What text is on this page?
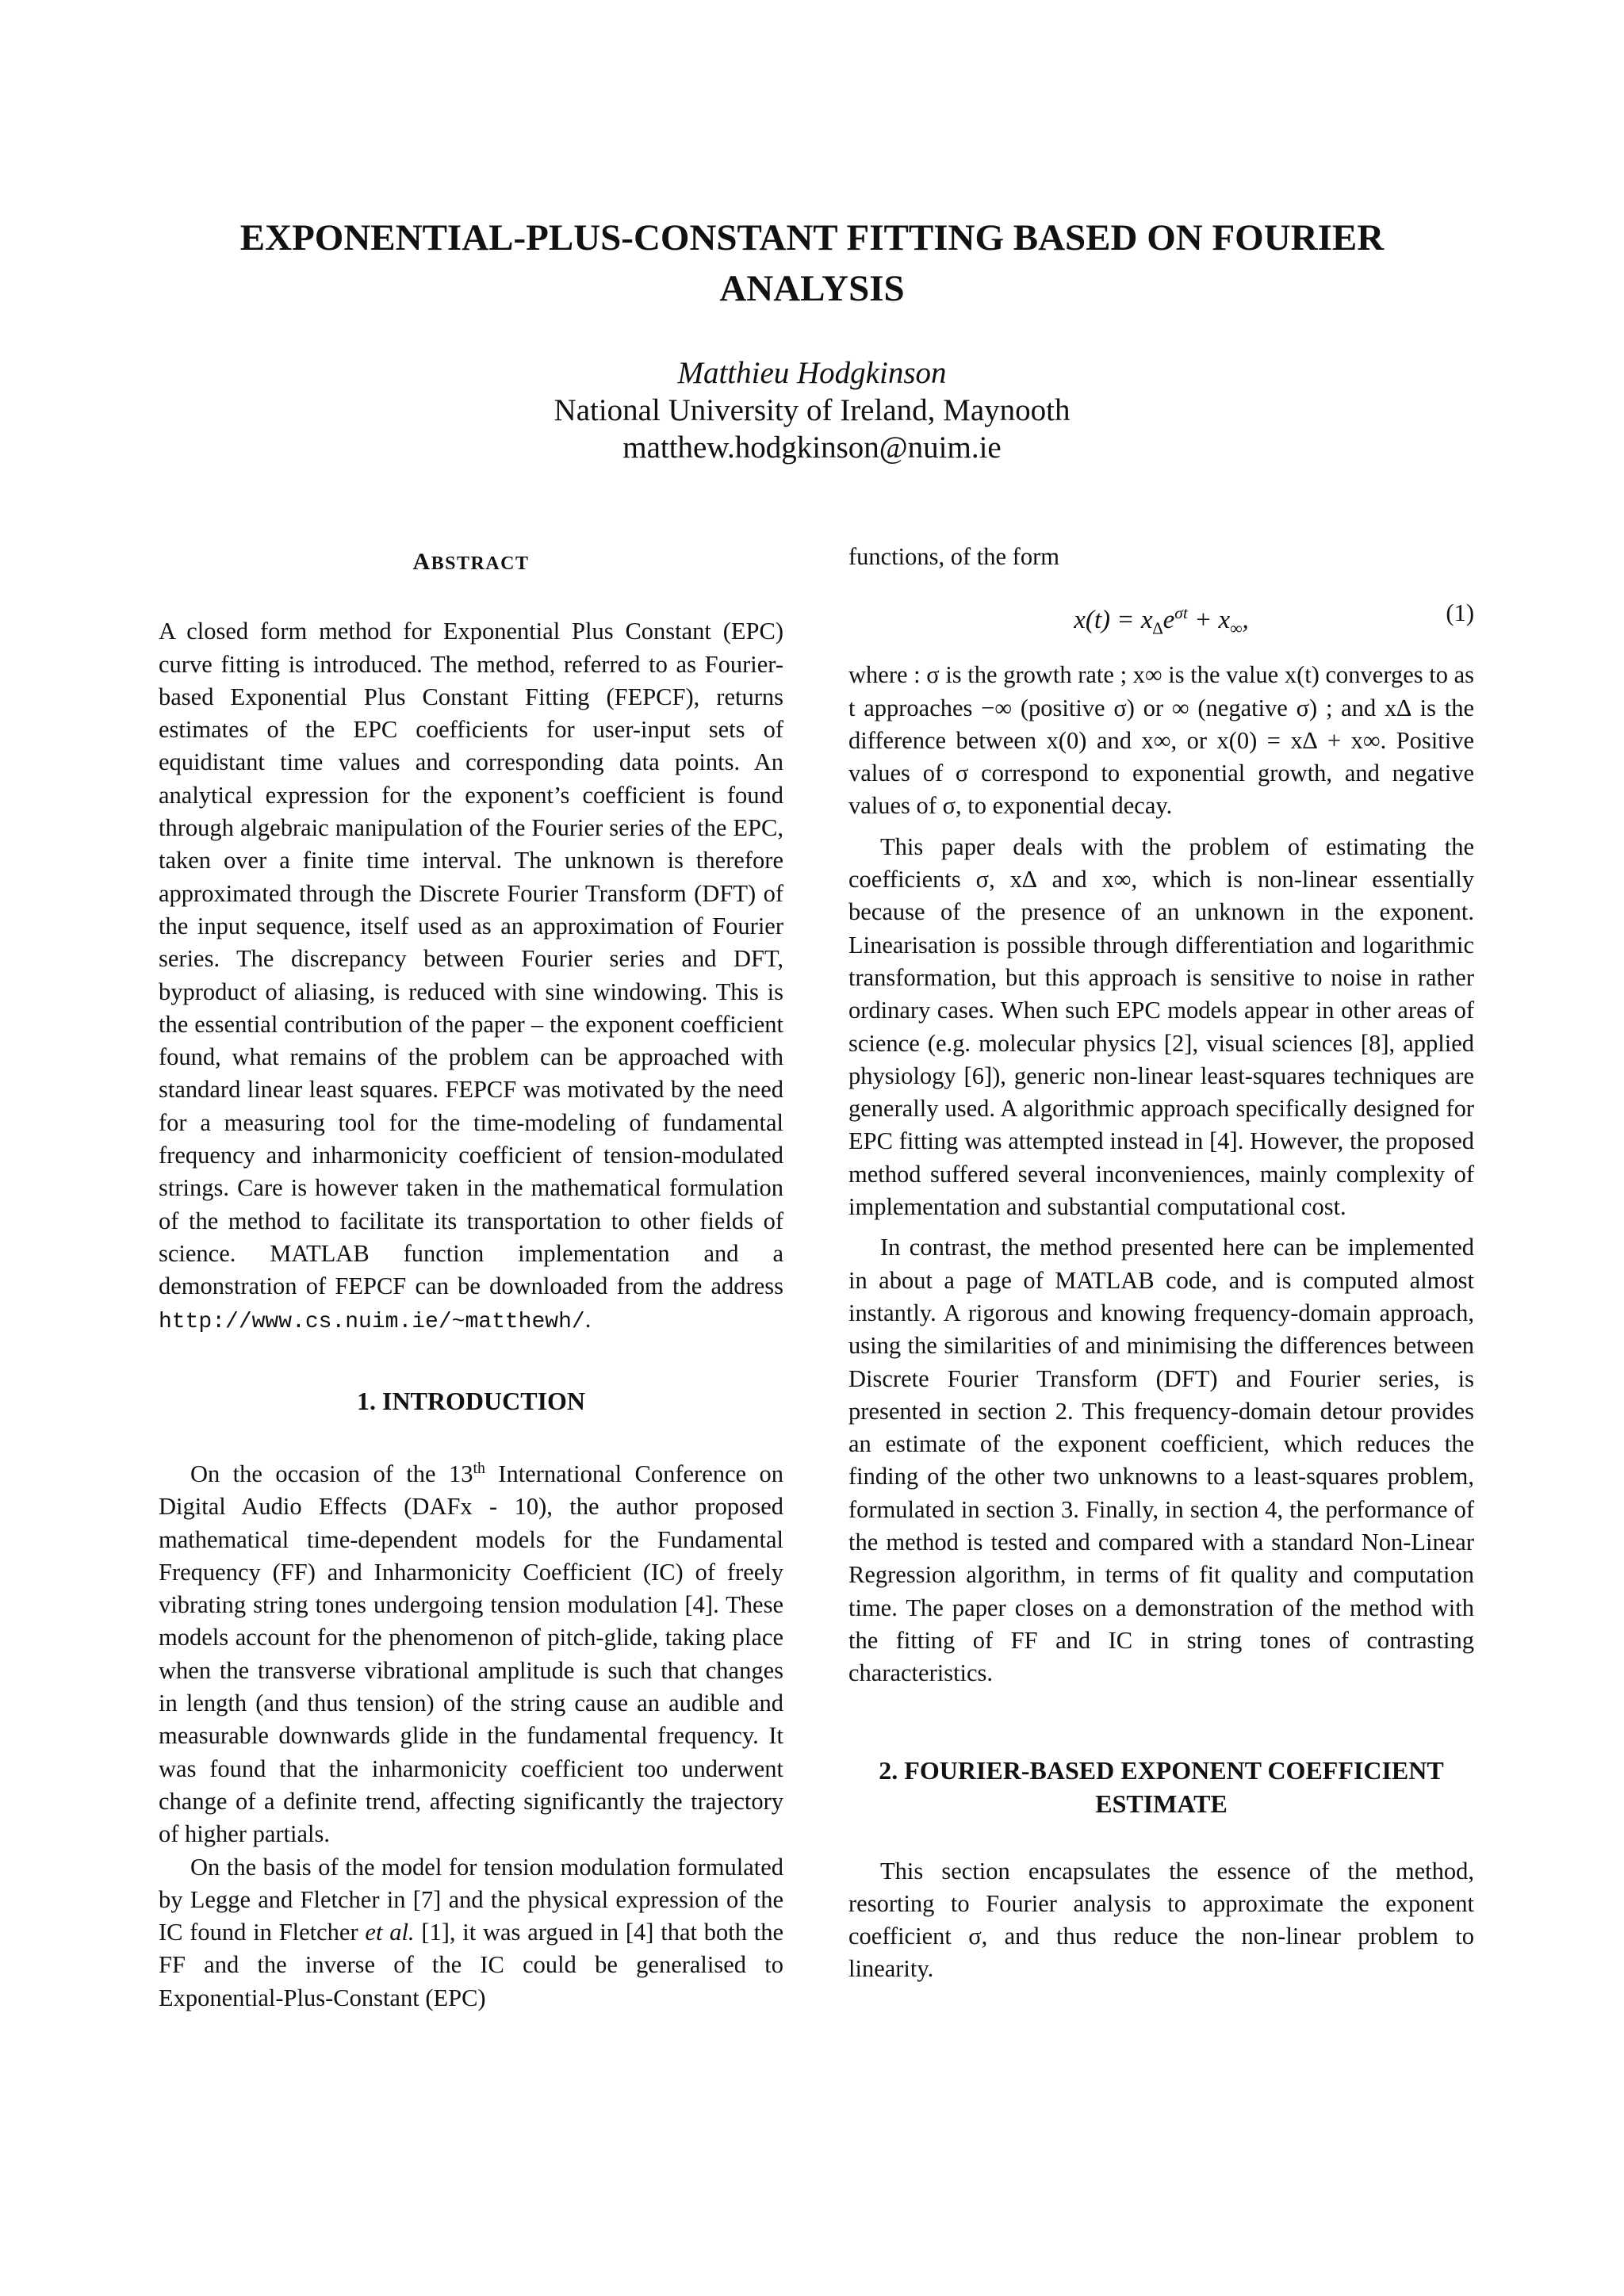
EXPONENTIAL-PLUS-CONSTANT FITTING BASED ON FOURIER ANALYSIS
Matthieu Hodgkinson
National University of Ireland, Maynooth
matthew.hodgkinson@nuim.ie
ABSTRACT

A closed form method for Exponential Plus Constant (EPC) curve fitting is introduced. The method, referred to as Fourier-based Exponential Plus Constant Fitting (FEPCF), returns estimates of the EPC coefficients for user-input sets of equidistant time values and corresponding data points. An analytical expression for the exponent’s coefficient is found through algebraic manipulation of the Fourier series of the EPC, taken over a finite time interval. The unknown is therefore approximated through the Discrete Fourier Transform (DFT) of the input sequence, itself used as an approximation of Fourier series. The discrepancy between Fourier series and DFT, byproduct of aliasing, is reduced with sine windowing. This is the essential contribution of the paper – the exponent coefficient found, what remains of the problem can be approached with standard linear least squares. FEPCF was motivated by the need for a measuring tool for the time-modeling of fundamental frequency and inharmonicity coefficient of tension-modulated strings. Care is however taken in the mathematical formulation of the method to facilitate its transportation to other fields of science. MATLAB function implementation and a demonstration of FEPCF can be downloaded from the address http://www.cs.nuim.ie/~matthewh/.

1. INTRODUCTION

On the occasion of the 13th International Conference on Digital Audio Effects (DAFx - 10), the author proposed mathematical time-dependent models for the Fundamental Frequency (FF) and Inharmonicity Coefficient (IC) of freely vibrating string tones undergoing tension modulation [4]. These models account for the phenomenon of pitch-glide, taking place when the transverse vibrational amplitude is such that changes in length (and thus tension) of the string cause an audible and measurable downwards glide in the fundamental frequency. It was found that the inharmonicity coefficient too underwent change of a definite trend, affecting significantly the trajectory of higher partials.

On the basis of the model for tension modulation formulated by Legge and Fletcher in [7] and the physical expression of the IC found in Fletcher et al. [1], it was argued in [4] that both the FF and the inverse of the IC could be generalised to Exponential-Plus-Constant (EPC)

functions, of the form

$x(t) = x_\Delta e^{\sigma t} + x_\infty$,	(1)

where : σ is the growth rate ; x∞ is the value x(t) converges to as t approaches −∞ (positive σ) or ∞ (negative σ) ; and x∆ is the difference between x(0) and x∞, or x(0) = x∆ + x∞. Positive values of σ correspond to exponential growth, and negative values of σ, to exponential decay.

This paper deals with the problem of estimating the coefficients σ, x∆ and x∞, which is non-linear essentially because of the presence of an unknown in the exponent. Linearisation is possible through differentiation and logarithmic transformation, but this approach is sensitive to noise in rather ordinary cases. When such EPC models appear in other areas of science (e.g. molecular physics [2], visual sciences [8], applied physiology [6]), generic non-linear least-squares techniques are generally used. A algorithmic approach specifically designed for EPC fitting was attempted instead in [4]. However, the proposed method suffered several inconveniences, mainly complexity of implementation and substantial computational cost.

In contrast, the method presented here can be implemented in about a page of MATLAB code, and is computed almost instantly. A rigorous and knowing frequency-domain approach, using the similarities of and minimising the differences between Discrete Fourier Transform (DFT) and Fourier series, is presented in section 2. This frequency-domain detour provides an estimate of the exponent coefficient, which reduces the finding of the other two unknowns to a least-squares problem, formulated in section 3. Finally, in section 4, the performance of the method is tested and compared with a standard Non-Linear Regression algorithm, in terms of fit quality and computation time. The paper closes on a demonstration of the method with the fitting of FF and IC in string tones of contrasting characteristics.

2. FOURIER-BASED EXPONENT COEFFICIENT ESTIMATE

This section encapsulates the essence of the method, resorting to Fourier analysis to approximate the exponent coefficient σ, and thus reduce the non-linear problem to linearity.
